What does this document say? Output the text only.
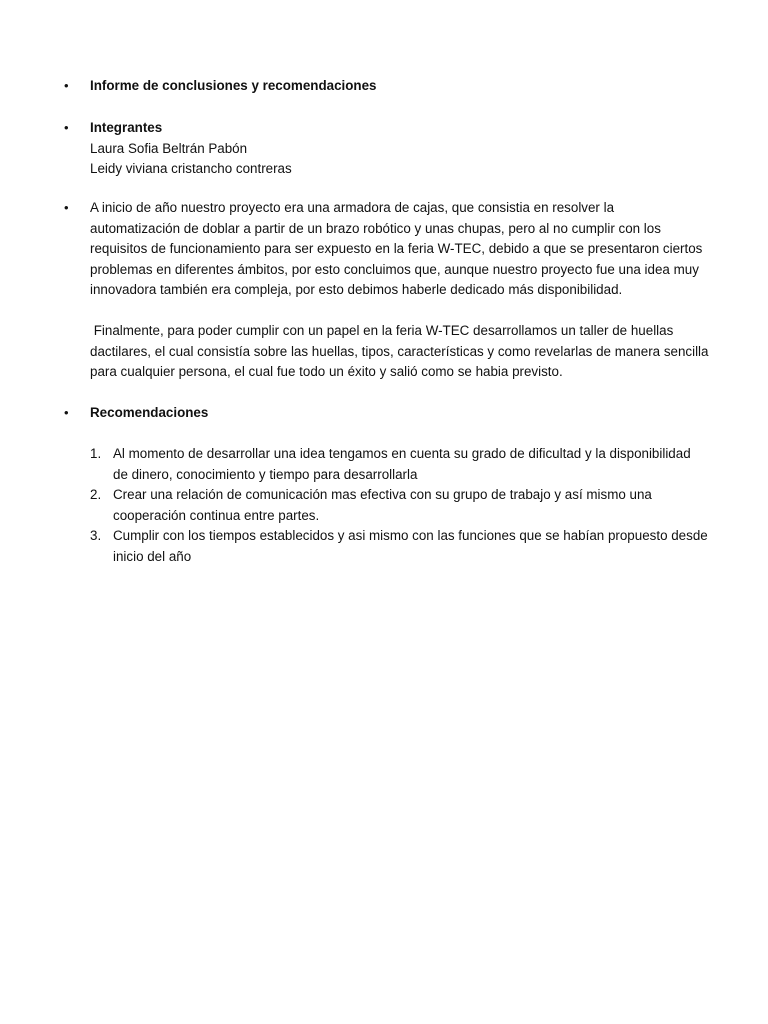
• Informe de conclusiones y recomendaciones
• Integrantes
Laura Sofia Beltrán Pabón
Leidy viviana cristancho contreras
• A inicio de año nuestro proyecto era una armadora de cajas, que consistia en resolver la
automatización de doblar a partir de un brazo robótico y unas chupas, pero al no cumplir con los
requisitos de funcionamiento para ser expuesto en la feria W-TEC, debido a que se presentaron ciertos
problemas en diferentes ámbitos, por esto concluimos que, aunque nuestro proyecto fue una idea muy
innovadora también era compleja, por esto debimos haberle dedicado más disponibilidad.
Finalmente, para poder cumplir con un papel en la feria W-TEC desarrollamos un taller de huellas
dactilares, el cual consistía sobre las huellas, tipos, características y como revelarlas de manera sencilla
para cualquier persona, el cual fue todo un éxito y salió como se habia previsto.
• Recomendaciones
1. Al momento de desarrollar una idea tengamos en cuenta su grado de dificultad y la disponibilidad
de dinero, conocimiento y tiempo para desarrollarla
2. Crear una relación de comunicación mas efectiva con su grupo de trabajo y así mismo una
cooperación continua entre partes.
3. Cumplir con los tiempos establecidos y asi mismo con las funciones que se habían propuesto desde
inicio del año
